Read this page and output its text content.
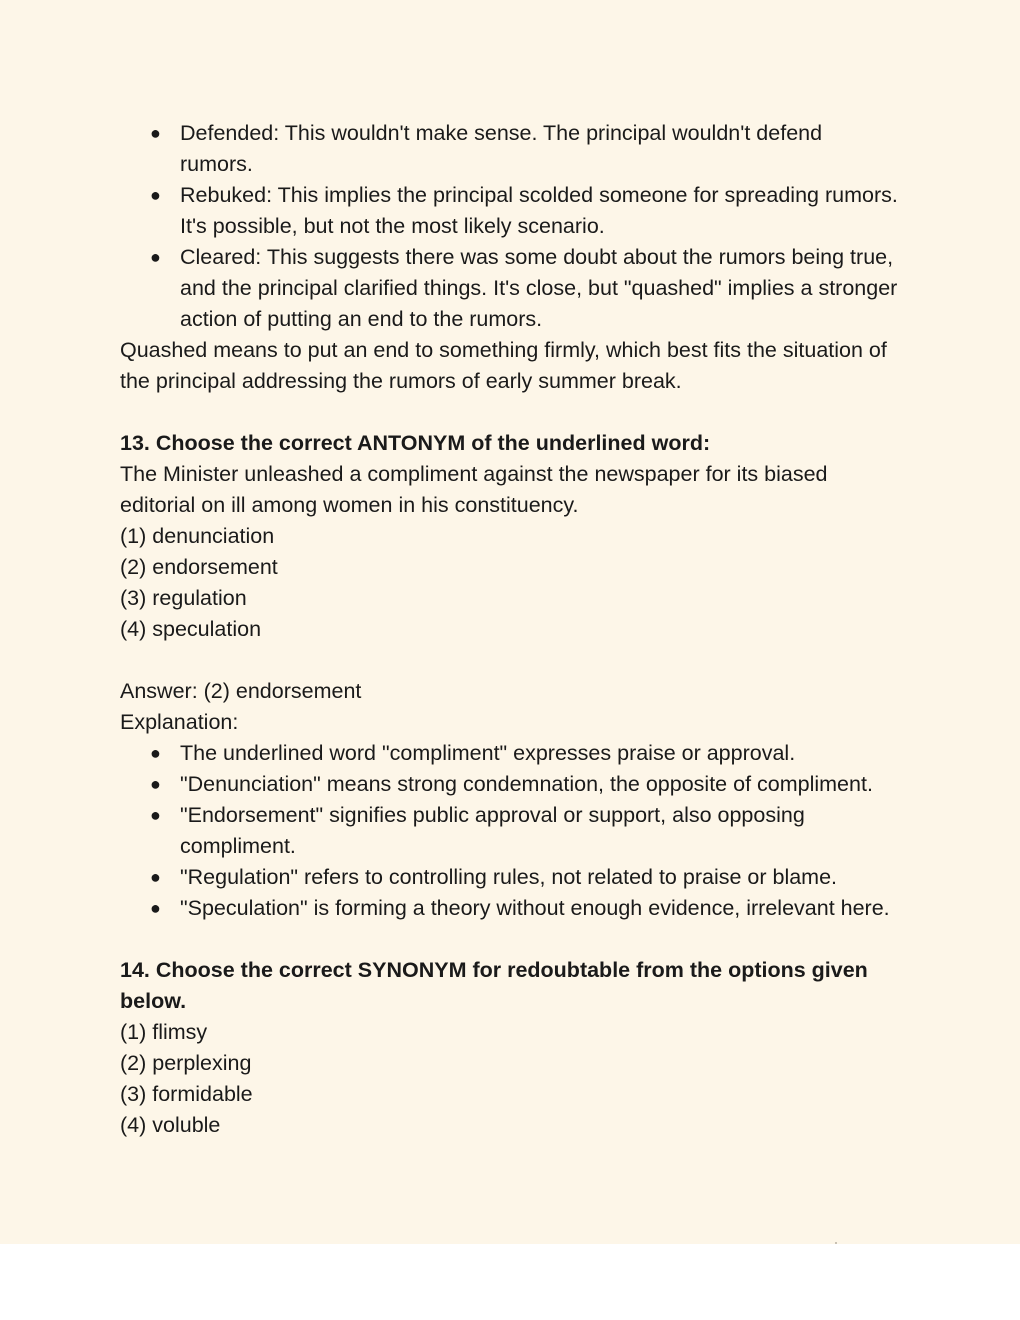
● Defended: This wouldn't make sense. The principal wouldn't defend rumors.
● Rebuked: This implies the principal scolded someone for spreading rumors. It's possible, but not the most likely scenario.
● Cleared: This suggests there was some doubt about the rumors being true, and the principal clarified things. It's close, but "quashed" implies a stronger action of putting an end to the rumors.

Quashed means to put an end to something firmly, which best fits the situation of the principal addressing the rumors of early summer break.

13. Choose the correct ANTONYM of the underlined word:

The Minister unleashed a compliment against the newspaper for its biased editorial on ill among women in his constituency.

(1) denunciation

(2) endorsement

(3) regulation

(4) speculation

Answer: (2) endorsement

Explanation:

● The underlined word "compliment" expresses praise or approval.
● "Denunciation" means strong condemnation, the opposite of compliment.
● "Endorsement" signifies public approval or support, also opposing compliment.
● "Regulation" refers to controlling rules, not related to praise or blame.
● "Speculation" is forming a theory without enough evidence, irrelevant here.

14. Choose the correct SYNONYM for redoubtable from the options given below.

(1) flimsy

(2) perplexing

(3) formidable

(4) voluble
